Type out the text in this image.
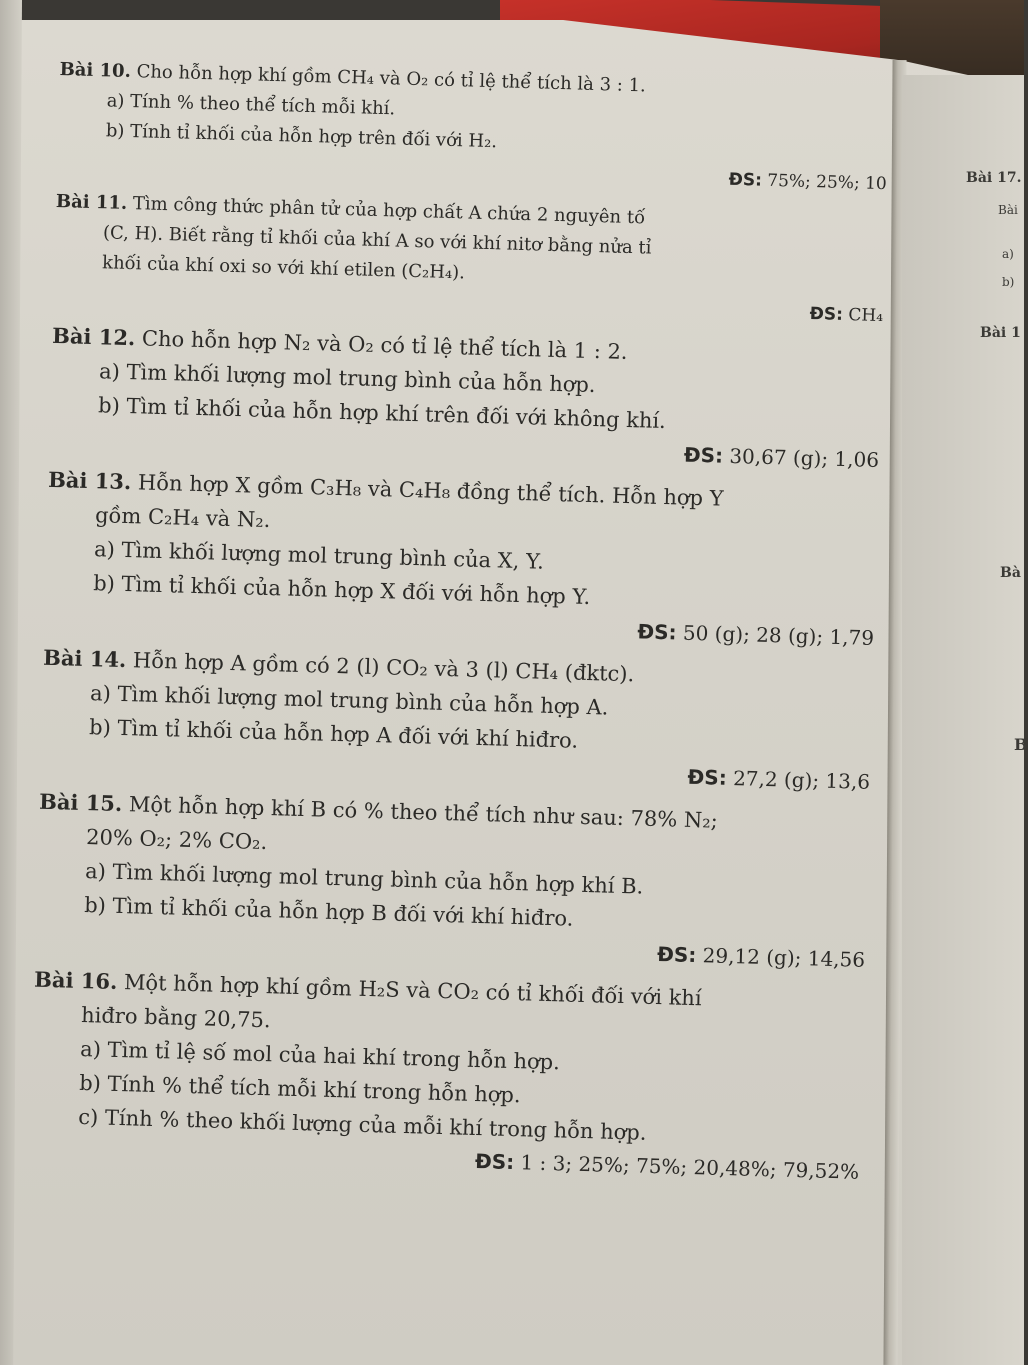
Bài 17.
Bài
a)
b)
Bài 1
Bà
B
Bài 10. Cho hỗn hợp khí gồm CH₄ và O₂ có tỉ lệ thể tích là 3 : 1.
a) Tính % theo thể tích mỗi khí.
b) Tính tỉ khối của hỗn hợp trên đối với H₂.
ĐS: 75%; 25%; 10
Bài 11. Tìm công thức phân tử của hợp chất A chứa 2 nguyên tố
(C, H). Biết rằng tỉ khối của khí A so với khí nitơ bằng nửa tỉ
khối của khí oxi so với khí etilen (C₂H₄).
ĐS: CH₄
Bài 12. Cho hỗn hợp N₂ và O₂ có tỉ lệ thể tích là 1 : 2.
a) Tìm khối lượng mol trung bình của hỗn hợp.
b) Tìm tỉ khối của hỗn hợp khí trên đối với không khí.
ĐS: 30,67 (g); 1,06
Bài 13. Hỗn hợp X gồm C₃H₈ và C₄H₈ đồng thể tích. Hỗn hợp Y
gồm C₂H₄ và N₂.
a) Tìm khối lượng mol trung bình của X, Y.
b) Tìm tỉ khối của hỗn hợp X đối với hỗn hợp Y.
ĐS: 50 (g); 28 (g); 1,79
Bài 14. Hỗn hợp A gồm có 2 (l) CO₂ và 3 (l) CH₄ (đktc).
a) Tìm khối lượng mol trung bình của hỗn hợp A.
b) Tìm tỉ khối của hỗn hợp A đối với khí hiđro.
ĐS: 27,2 (g); 13,6
Bài 15. Một hỗn hợp khí B có % theo thể tích như sau: 78% N₂;
20% O₂; 2% CO₂.
a) Tìm khối lượng mol trung bình của hỗn hợp khí B.
b) Tìm tỉ khối của hỗn hợp B đối với khí hiđro.
ĐS: 29,12 (g); 14,56
Bài 16. Một hỗn hợp khí gồm H₂S và CO₂ có tỉ khối đối với khí
hiđro bằng 20,75.
a) Tìm tỉ lệ số mol của hai khí trong hỗn hợp.
b) Tính % thể tích mỗi khí trong hỗn hợp.
c) Tính % theo khối lượng của mỗi khí trong hỗn hợp.
ĐS: 1 : 3; 25%; 75%; 20,48%; 79,52%
